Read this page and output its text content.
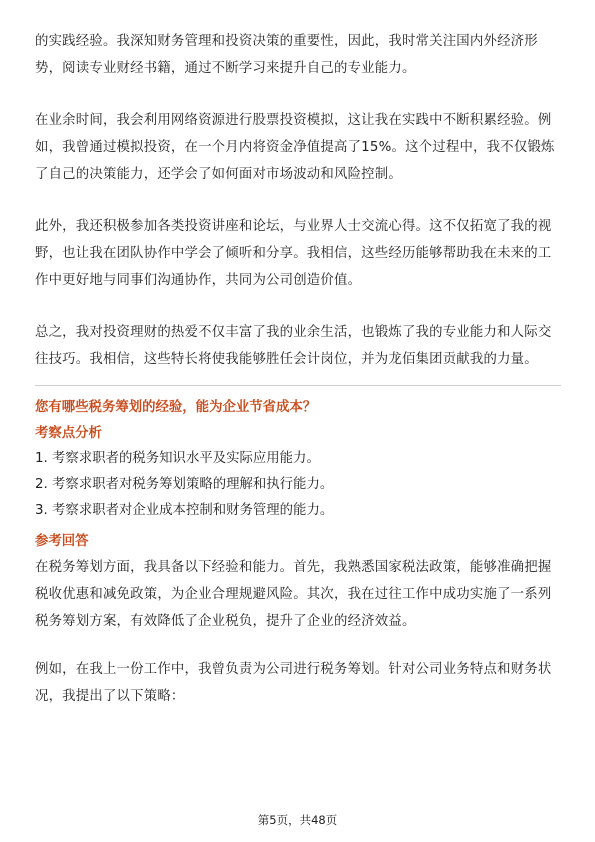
的实践经验。我深知财务管理和投资决策的重要性，因此，我时常关注国内外经济形势，阅读专业财经书籍，通过不断学习来提升自己的专业能力。

在业余时间，我会利用网络资源进行股票投资模拟，这让我在实践中不断积累经验。例如，我曾通过模拟投资，在一个月内将资金净值提高了15%。这个过程中，我不仅锻炼了自己的决策能力，还学会了如何面对市场波动和风险控制。

此外，我还积极参加各类投资讲座和论坛，与业界人士交流心得。这不仅拓宽了我的视野，也让我在团队协作中学会了倾听和分享。我相信，这些经历能够帮助我在未来的工作中更好地与同事们沟通协作，共同为公司创造价值。

总之，我对投资理财的热爱不仅丰富了我的业余生活，也锻炼了我的专业能力和人际交往技巧。我相信，这些特长将使我能够胜任会计岗位，并为龙佰集团贡献我的力量。

您有哪些税务筹划的经验，能为企业节省成本？

考察点分析

1. 考察求职者的税务知识水平及实际应用能力。

2. 考察求职者对税务筹划策略的理解和执行能力。

3. 考察求职者对企业成本控制和财务管理的能力。

参考回答

在税务筹划方面，我具备以下经验和能力。首先，我熟悉国家税法政策，能够准确把握税收优惠和减免政策，为企业合理规避风险。其次，我在过往工作中成功实施了一系列税务筹划方案，有效降低了企业税负，提升了企业的经济效益。

例如，在我上一份工作中，我曾负责为公司进行税务筹划。针对公司业务特点和财务状况，我提出了以下策略：

第5页，共48页
